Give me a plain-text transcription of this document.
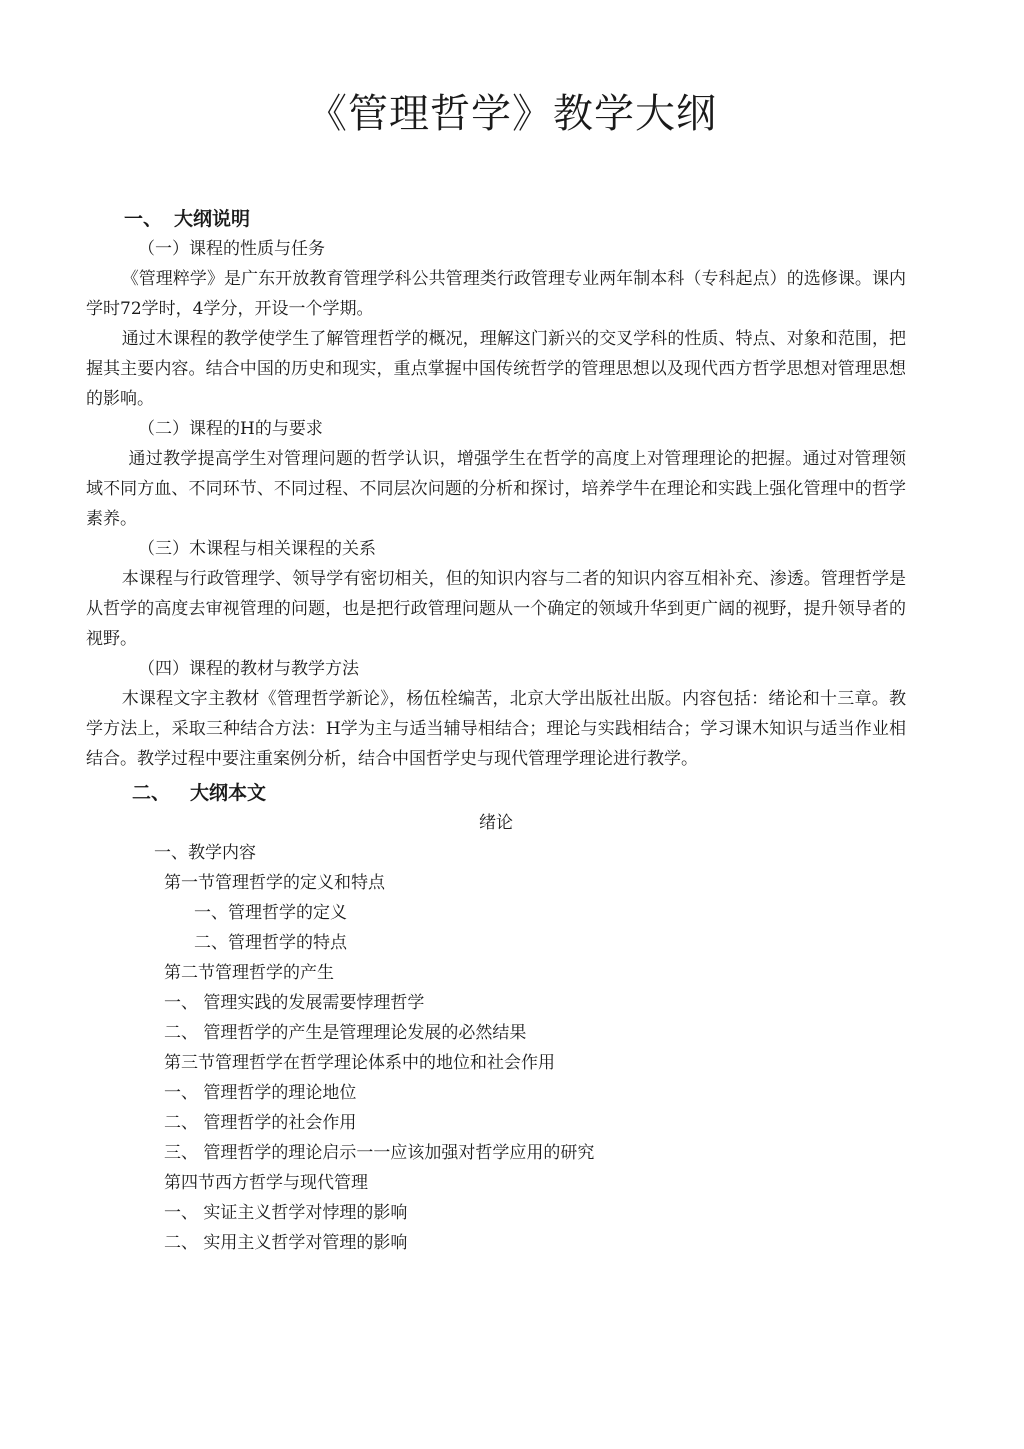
《管理哲学》教学大纲
一、 大纲说明
（一）课程的性质与任务

《管理粹学》是广东开放教育管理学科公共管理类行政管理专业两年制本科（专科起点）的选修课。课内学时72学时，4学分，开设一个学期。

通过木课程的教学使学生了解管理哲学的概况，理解这门新兴的交叉学科的性质、特点、对象和范围，把握其主要内容。结合中国的历史和现实，重点掌握中国传统哲学的管理思想以及现代西方哲学思想对管理思想的影响。

（二）课程的H的与要求

通过教学提高学生对管理问题的哲学认识，增强学生在哲学的高度上对管理理论的把握。通过对管理领域不同方血、不同环节、不同过程、不同层次问题的分析和探讨，培养学牛在理论和实践上强化管理中的哲学素养。

（三）木课程与相关课程的关系

本课程与行政管理学、领导学有密切相关，但的知识内容与二者的知识内容互相补充、渗透。管理哲学是从哲学的高度去审视管理的问题，也是把行政管理问题从一个确定的领域升华到更广阔的视野，提升领导者的视野。

（四）课程的教材与教学方法

木课程文字主教材《管理哲学新论》，杨伍栓编苦，北京大学出版社出版。内容包括：绪论和十三章。教学方法上，采取三种结合方法：H学为主与适当辅导相结合；理论与实践相结合；学习课木知识与适当作业相结合。教学过程中要注重案例分析，结合中国哲学史与现代管理学理论进行教学。

二、 大纲本文
绪论
一、教学内容
第一节管理哲学的定义和特点
一、管理哲学的定义
二、管理哲学的特点
第二节管理哲学的产生
一、 管理实践的发展需要悖理哲学
二、 管理哲学的产生是管理理论发展的必然结果
第三节管理哲学在哲学理论体系中的地位和社会作用
一、 管理哲学的理论地位
二、 管理哲学的社会作用
三、 管理哲学的理论启示一一应该加强对哲学应用的研究
第四节西方哲学与现代管理
一、 实证主义哲学对悖理的影响
二、 实用主义哲学对管理的影响
